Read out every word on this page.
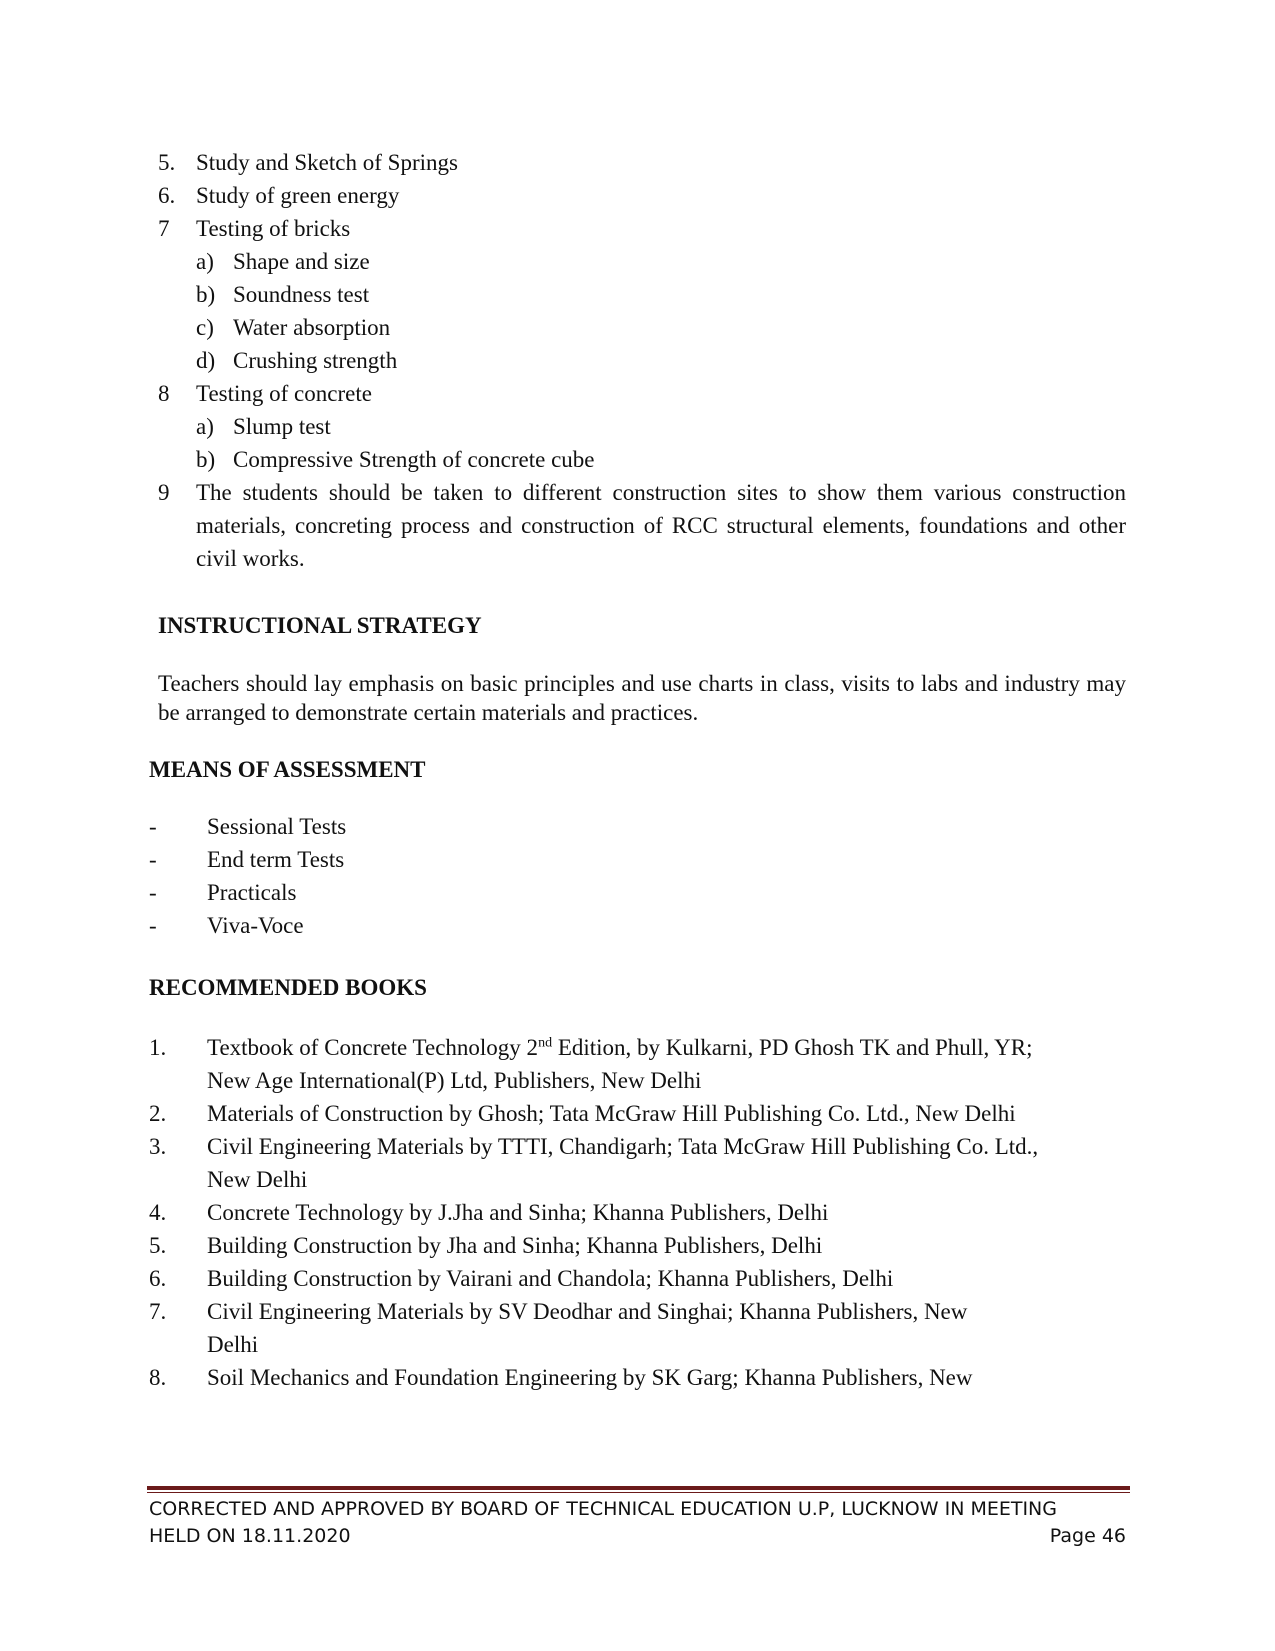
5. Study and Sketch of Springs
6. Study of green energy
7 Testing of bricks
a) Shape and size
b) Soundness test
c) Water absorption
d) Crushing strength
8 Testing of concrete
a) Slump test
b) Compressive Strength of concrete cube
9 The students should be taken to different construction sites to show them various construction materials, concreting process and construction of RCC structural elements, foundations and other civil works.
INSTRUCTIONAL STRATEGY
Teachers should lay emphasis on basic principles and use charts in class, visits to labs and industry may be arranged to demonstrate certain materials and practices.
MEANS OF ASSESSMENT
- Sessional Tests
- End term Tests
- Practicals
- Viva-Voce
RECOMMENDED BOOKS
1. Textbook of Concrete Technology 2nd Edition, by Kulkarni, PD Ghosh TK and Phull, YR;
New Age International(P) Ltd, Publishers, New Delhi
2. Materials of Construction by Ghosh; Tata McGraw Hill Publishing Co. Ltd., New Delhi
3. Civil Engineering Materials by TTTI, Chandigarh; Tata McGraw Hill Publishing Co. Ltd.,
New Delhi
4. Concrete Technology by J.Jha and Sinha; Khanna Publishers, Delhi
5. Building Construction by Jha and Sinha; Khanna Publishers, Delhi
6. Building Construction by Vairani and Chandola; Khanna Publishers, Delhi
7. Civil Engineering Materials by SV Deodhar and Singhai; Khanna Publishers, New
Delhi
8. Soil Mechanics and Foundation Engineering by SK Garg; Khanna Publishers, New
CORRECTED AND APPROVED BY BOARD OF TECHNICAL EDUCATION U.P, LUCKNOW IN MEETING
HELD ON 18.11.2020	Page 46
